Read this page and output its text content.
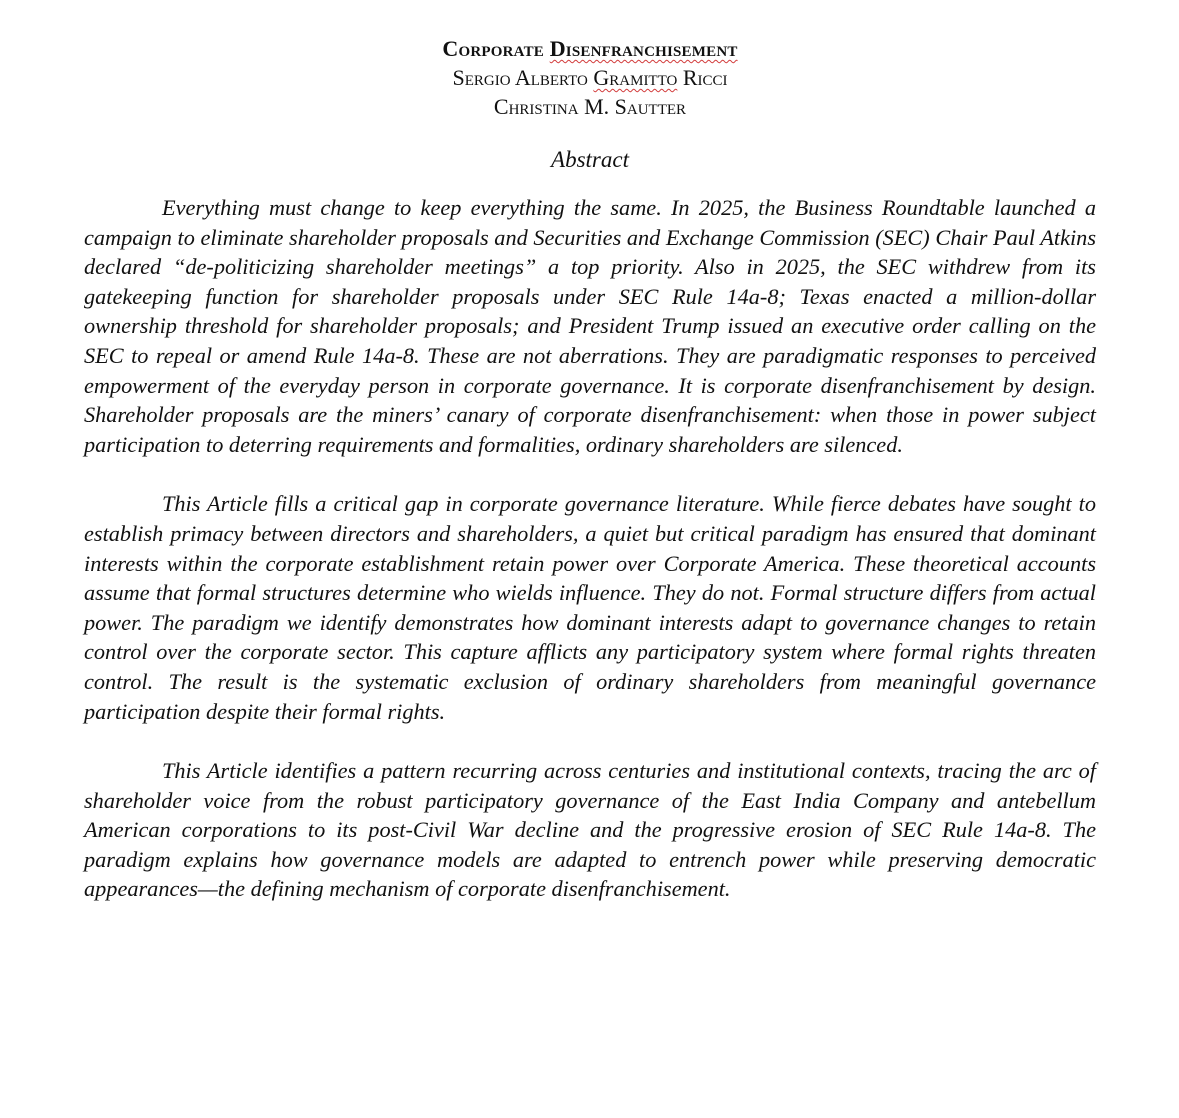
Corporate Disenfranchisement
Sergio Alberto Gramitto Ricci
Christina M. Sautter
Abstract

Everything must change to keep everything the same. In 2025, the Business Roundtable launched a campaign to eliminate shareholder proposals and Securities and Exchange Commission (SEC) Chair Paul Atkins declared “de-politicizing shareholder meetings” a top priority. Also in 2025, the SEC withdrew from its gatekeeping function for shareholder proposals under SEC Rule 14a-8; Texas enacted a million-dollar ownership threshold for shareholder proposals; and President Trump issued an executive order calling on the SEC to repeal or amend Rule 14a-8. These are not aberrations. They are paradigmatic responses to perceived empowerment of the everyday person in corporate governance. It is corporate disenfranchisement by design. Shareholder proposals are the miners’ canary of corporate disenfranchisement: when those in power subject participation to deterring requirements and formalities, ordinary shareholders are silenced.

This Article fills a critical gap in corporate governance literature. While fierce debates have sought to establish primacy between directors and shareholders, a quiet but critical paradigm has ensured that dominant interests within the corporate establishment retain power over Corporate America. These theoretical accounts assume that formal structures determine who wields influence. They do not. Formal structure differs from actual power. The paradigm we identify demonstrates how dominant interests adapt to governance changes to retain control over the corporate sector. This capture afflicts any participatory system where formal rights threaten control. The result is the systematic exclusion of ordinary shareholders from meaningful governance participation despite their formal rights.

This Article identifies a pattern recurring across centuries and institutional contexts, tracing the arc of shareholder voice from the robust participatory governance of the East India Company and antebellum American corporations to its post-Civil War decline and the progressive erosion of SEC Rule 14a-8. The paradigm explains how governance models are adapted to entrench power while preserving democratic appearances—the defining mechanism of corporate disenfranchisement.
